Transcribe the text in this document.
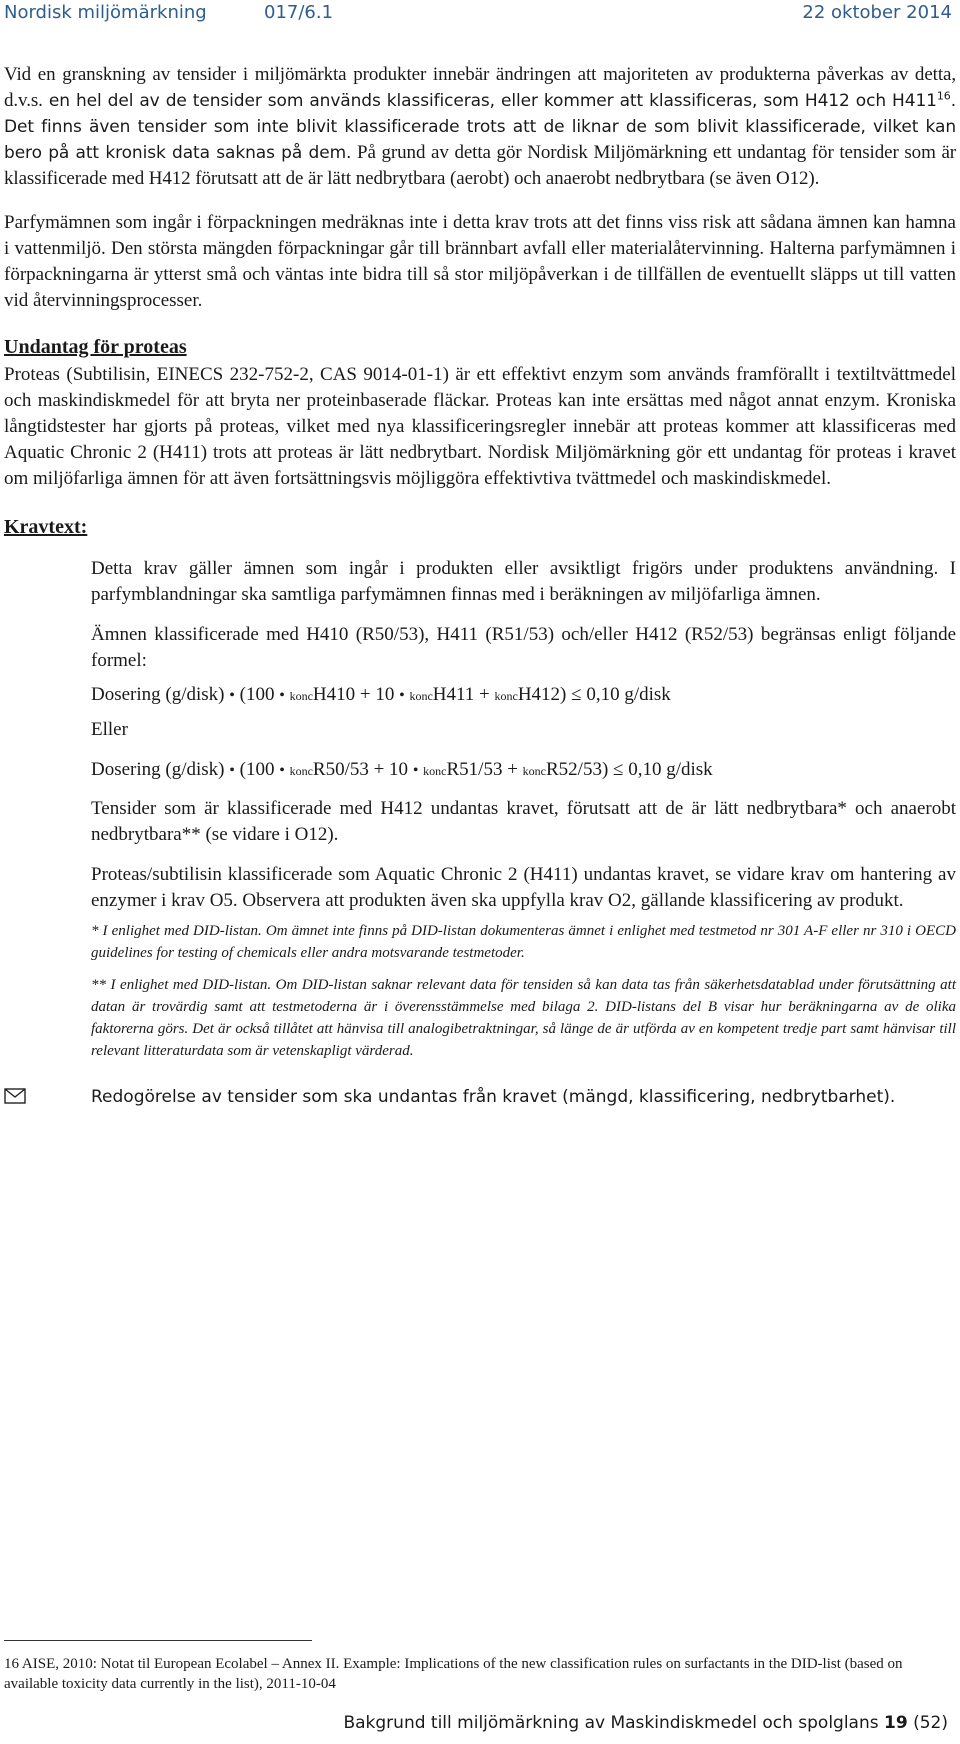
Nordisk miljömärkning	017/6.1	22 oktober 2014

Vid en granskning av tensider i miljömärkta produkter innebär ändringen att majoriteten av produkterna påverkas av detta, d.v.s. en hel del av de tensider som används klassificeras, eller kommer att klassificeras, som H412 och $H411^{16}$. Det finns även tensider som inte blivit klassificerade trots att de liknar de som blivit klassificerade, vilket kan bero på att kronisk data saknas på dem. På grund av detta gör Nordisk Miljömärkning ett undantag för tensider som är klassificerade med H412 förutsatt att de är lätt nedbrytbara (aerobt) och anaerobt nedbrytbara (se även O12).

Parfymämnen som ingår i förpackningen medräknas inte i detta krav trots att det finns viss risk att sådana ämnen kan hamna i vattenmiljö. Den största mängden förpackningar går till brännbart avfall eller materialåtervinning. Halterna parfymämnen i förpackningarna är ytterst små och väntas inte bidra till så stor miljöpåverkan i de tillfällen de eventuellt släpps ut till vatten vid återvinningsprocesser.

Undantag för proteas

Proteas (Subtilisin, EINECS 232-752-2, CAS 9014-01-1) är ett effektivt enzym som används framförallt i textiltvättmedel och maskindiskmedel för att bryta ner proteinbaserade fläckar. Proteas kan inte ersättas med något annat enzym. Kroniska långtidstester har gjorts på proteas, vilket med nya klassificeringsregler innebär att proteas kommer att klassificeras med Aquatic Chronic 2 (H411) trots att proteas är lätt nedbrytbart. Nordisk Miljömärkning gör ett undantag för proteas i kravet om miljöfarliga ämnen för att även fortsättningsvis möjliggöra effektivtiva tvättmedel och maskindiskmedel.

Kravtext:

Detta krav gäller ämnen som ingår i produkten eller avsiktligt frigörs under produktens användning. I parfymblandningar ska samtliga parfymämnen finnas med i beräkningen av miljöfarliga ämnen.

Ämnen klassificerade med H410 (R50/53), H411 (R51/53) och/eller H412 (R52/53) begränsas enligt följande formel:

Dosering (g/disk) • (100 • koncH410 + 10 • koncH411 + koncH412) ≤ 0,10 g/disk
Eller
Dosering (g/disk) • (100 • koncR50/53 + 10 • koncR51/53 + koncR52/53) ≤ 0,10 g/disk

Tensider som är klassificerade med H412 undantas kravet, förutsatt att de är lätt nedbrytbara* och anaerobt nedbrytbara** (se vidare i O12).

Proteas/subtilisin klassificerade som Aquatic Chronic 2 (H411) undantas kravet, se vidare krav om hantering av enzymer i krav O5. Observera att produkten även ska uppfylla krav O2, gällande klassificering av produkt.

* I enlighet med DID-listan. Om ämnet inte finns på DID-listan dokumenteras ämnet i enlighet med testmetod nr 301 A-F eller nr 310 i OECD guidelines for testing of chemicals eller andra motsvarande testmetoder.

** I enlighet med DID-listan. Om DID-listan saknar relevant data för tensiden så kan data tas från säkerhetsdatablad under förutsättning att datan är trovärdig samt att testmetoderna är i överensstämmelse med bilaga 2. DID-listans del B visar hur beräkningarna av de olika faktorerna görs. Det är också tillåtet att hänvisa till analogibetraktningar, så länge de är utförda av en kompetent tredje part samt hänvisar till relevant litteraturdata som är vetenskapligt värderad.

Redogörelse av tensider som ska undantas från kravet (mängd, klassificering, nedbrytbarhet).

16 AISE, 2010: Notat til European Ecolabel – Annex II. Example: Implications of the new classification rules on surfactants in the DID-list (based on available toxicity data currently in the list), 2011-10-04

Bakgrund till miljömärkning av Maskindiskmedel och spolglans 19 (52)
